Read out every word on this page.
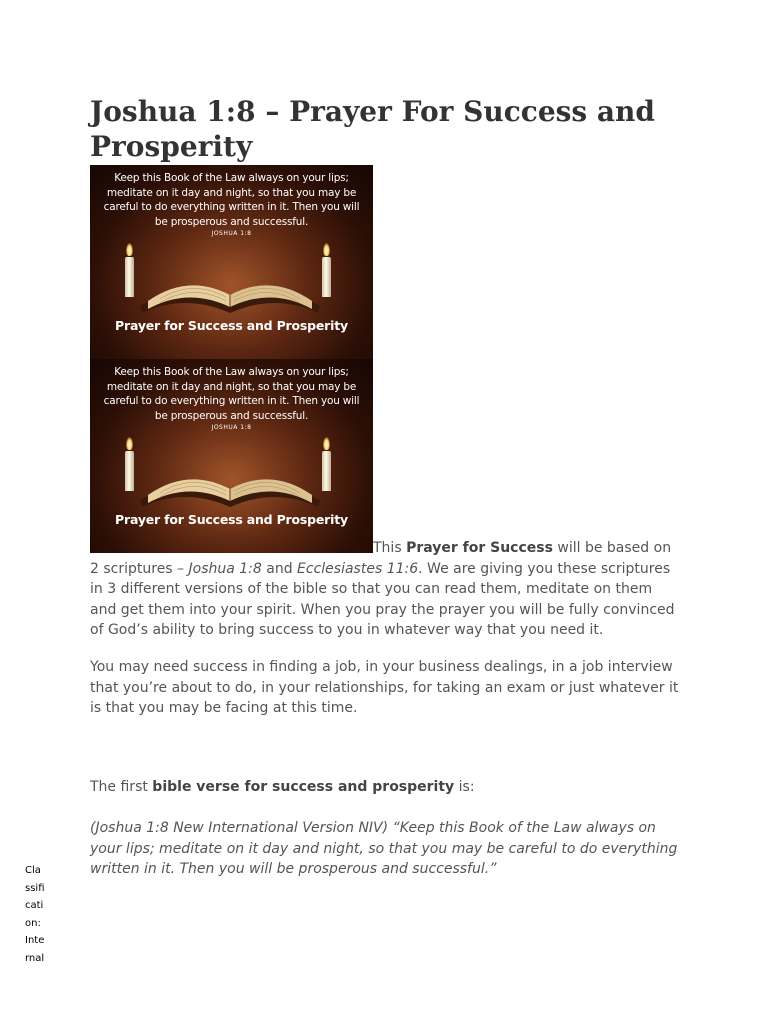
Joshua 1:8 – Prayer For Success and Prosperity
Keep this Book of the Law always on your lips; meditate on it day and night, so that you may be careful to do everything written in it. Then you will be prosperous and successful.
JOSHUA 1:8
Prayer for Success and Prosperity
Keep this Book of the Law always on your lips; meditate on it day and night, so that you may be careful to do everything written in it. Then you will be prosperous and successful.
JOSHUA 1:8
Prayer for Success and Prosperity

This Prayer for Success will be based on 2 scriptures – Joshua 1:8 and Ecclesiastes 11:6. We are giving you these scriptures in 3 different versions of the bible so that you can read them, meditate on them and get them into your spirit. When you pray the prayer you will be fully convinced of God’s ability to bring success to you in whatever way that you need it.

You may need success in finding a job, in your business dealings, in a job interview that you’re about to do, in your relationships, for taking an exam or just whatever it is that you may be facing at this time.

The first bible verse for success and prosperity is:

(Joshua 1:8 New International Version NIV) “Keep this Book of the Law always on your lips; meditate on it day and night, so that you may be careful to do everything written in it. Then you will be prosperous and successful.”

Classification: Internal
